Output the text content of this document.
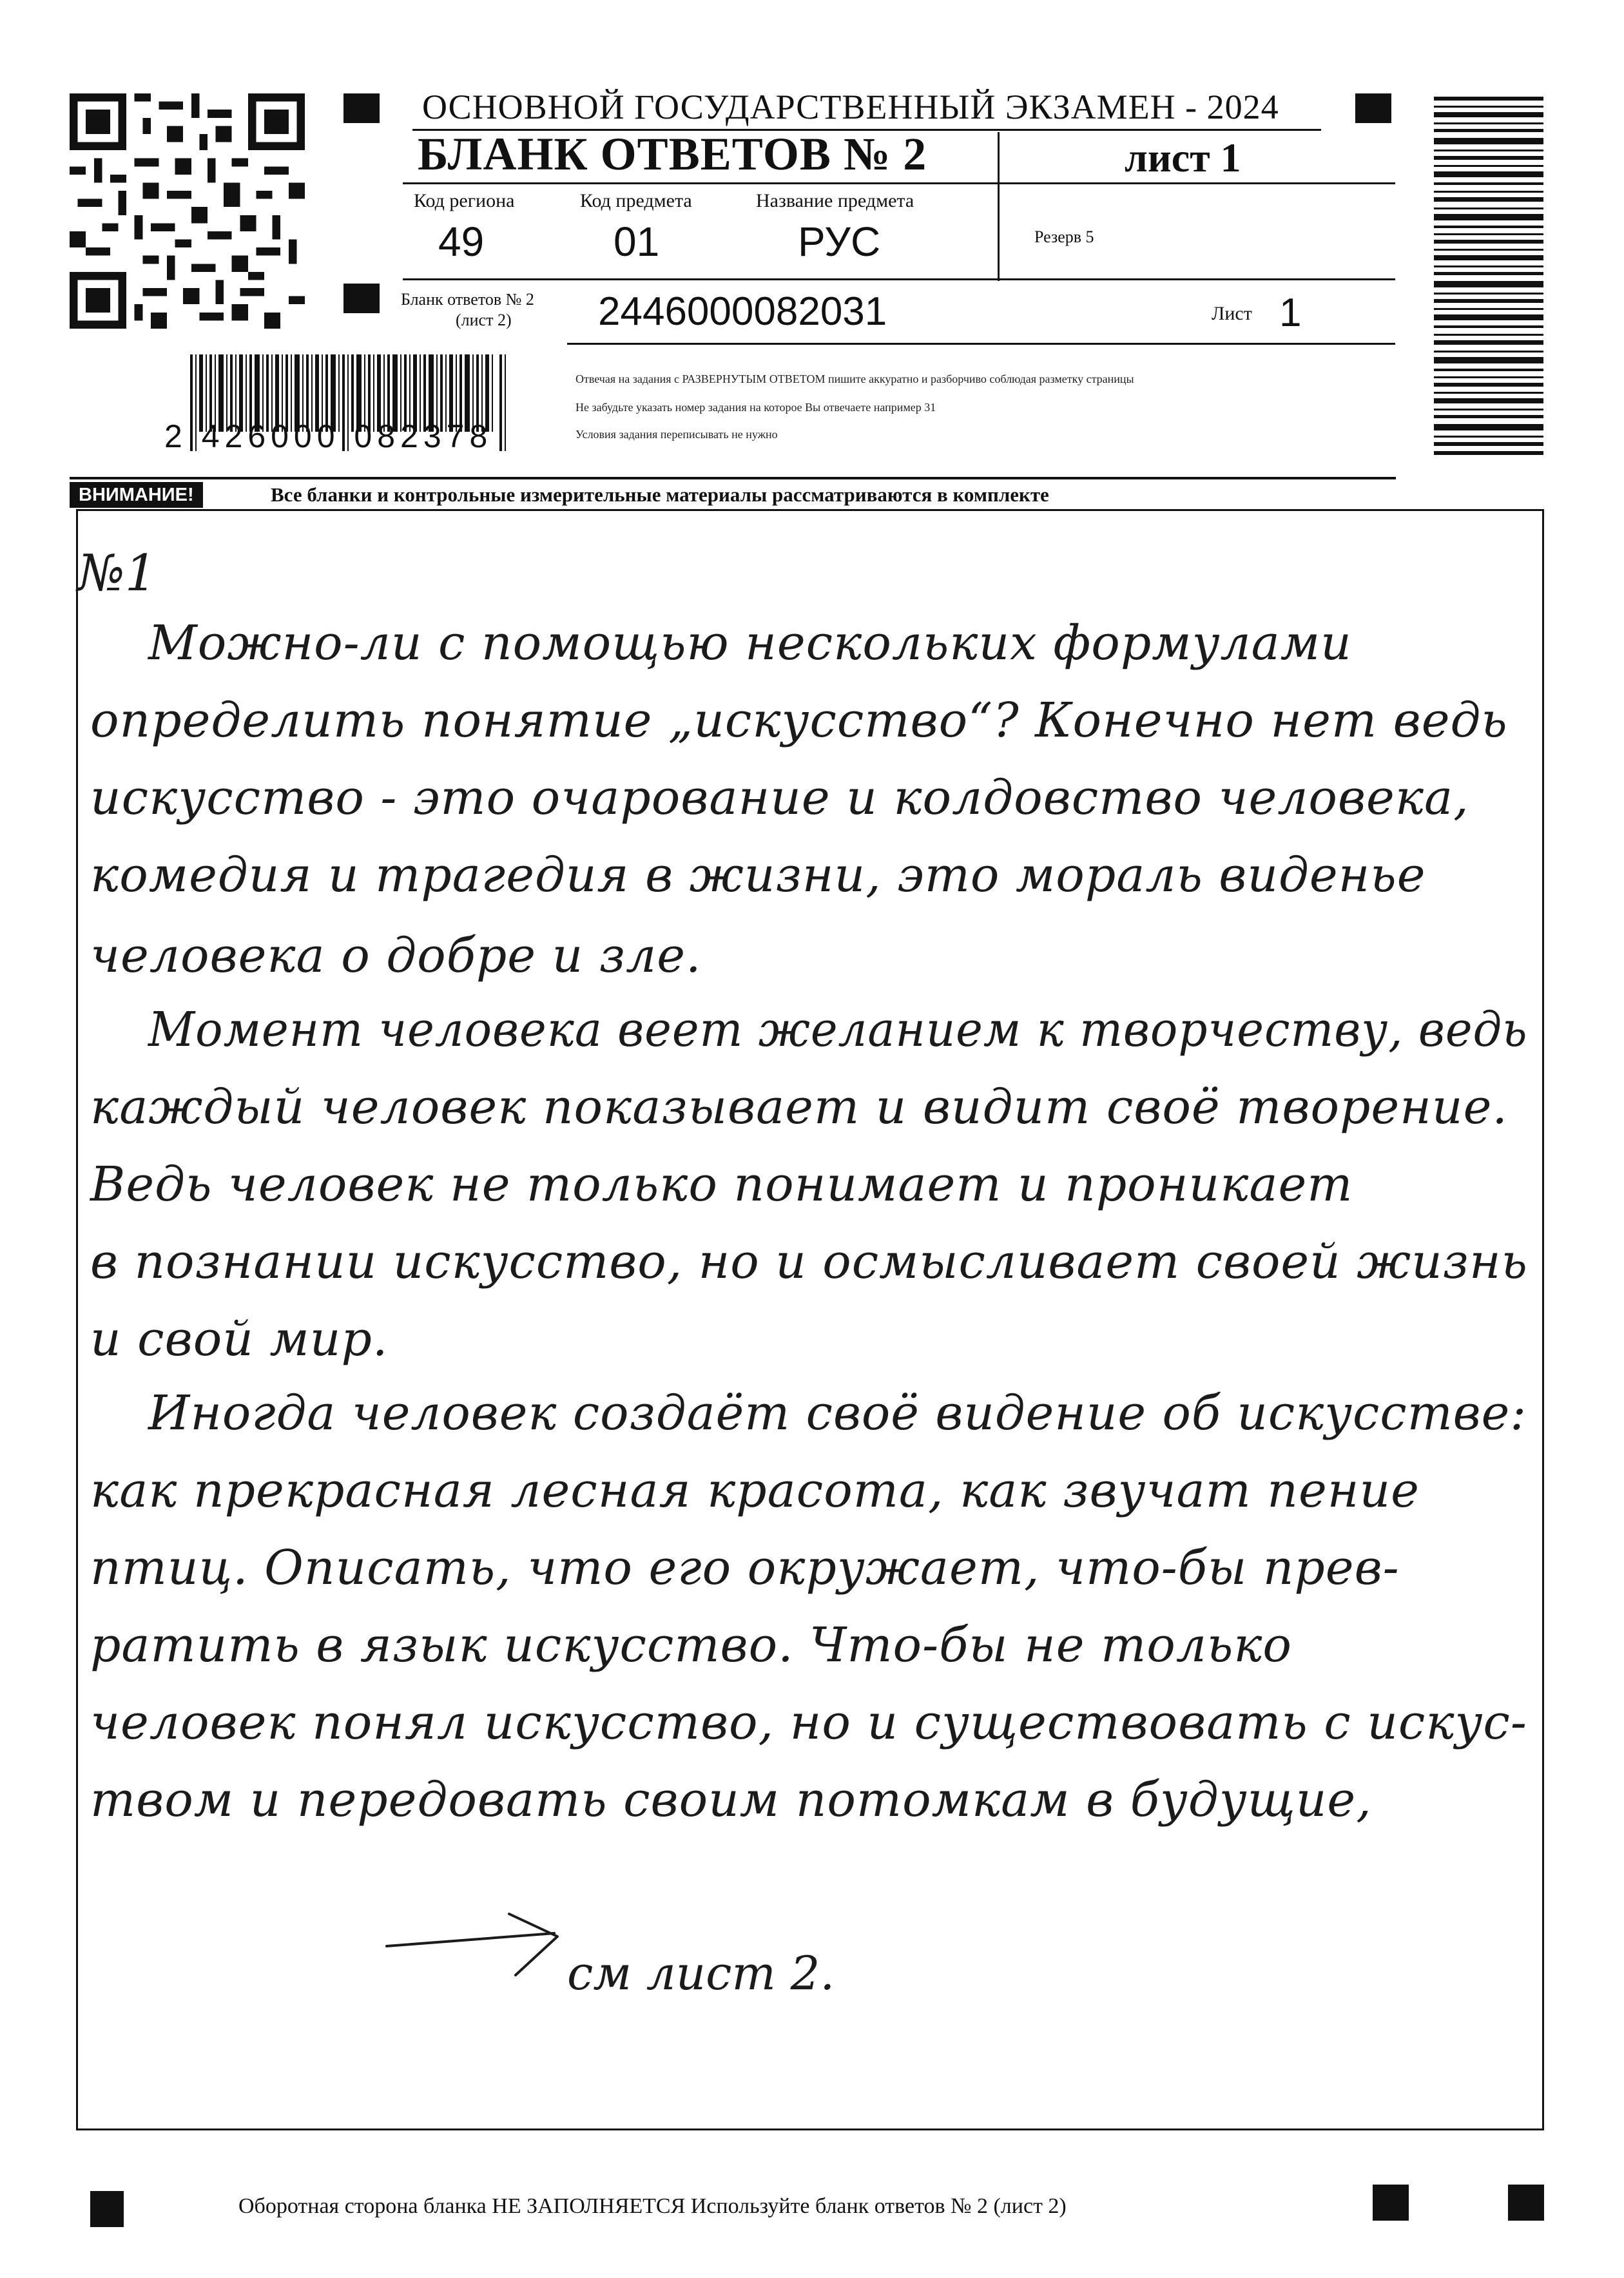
ОСНОВНОЙ ГОСУДАРСТВЕННЫЙ ЭКЗАМЕН - 2024
БЛАНК ОТВЕТОВ № 2	лист 1
Код региона
49
Код предмета
01
Название предмета
РУС	Резерв 5
Бланк ответов № 2
(лист 2) 2446000082031	Лист 1
Отвечая на задания с РАЗВЕРНУТЫМ ОТВЕТОМ пишите аккуратно и разборчиво соблюдая разметку страницы
Не забудьте указать номер задания на которое Вы отвечаете например 31
Условия задания переписывать не нужно
2 426000 082378
ВНИМАНИЕ!	Все бланки и контрольные измерительные материалы рассматриваются в комплекте
№1
Можно-ли с помощью нескольких формулами
определить понятие „искусство“? Конечно нет ведь
искусство - это очарование и колдовство человека,
комедия и трагедия в жизни, это мораль виденье
человека о добре и зле.
Момент человека веет желанием к творчеству, ведь
каждый человек показывает и видит своё творение.
Ведь человек не только понимает и проникает
в познании искусство, но и осмысливает своей жизнь
и свой мир.
Иногда человек создаёт своё видение об искусстве:
как прекрасная лесная красота, как звучат пение
птиц. Описать, что его окружает, что-бы прев-
ратить в язык искусство. Что-бы не только
человек понял искусство, но и существовать с искус-
твом и передовать своим потомкам в будущие,
см лист 2.
Оборотная сторона бланка НЕ ЗАПОЛНЯЕТСЯ Используйте бланк ответов № 2 (лист 2)
